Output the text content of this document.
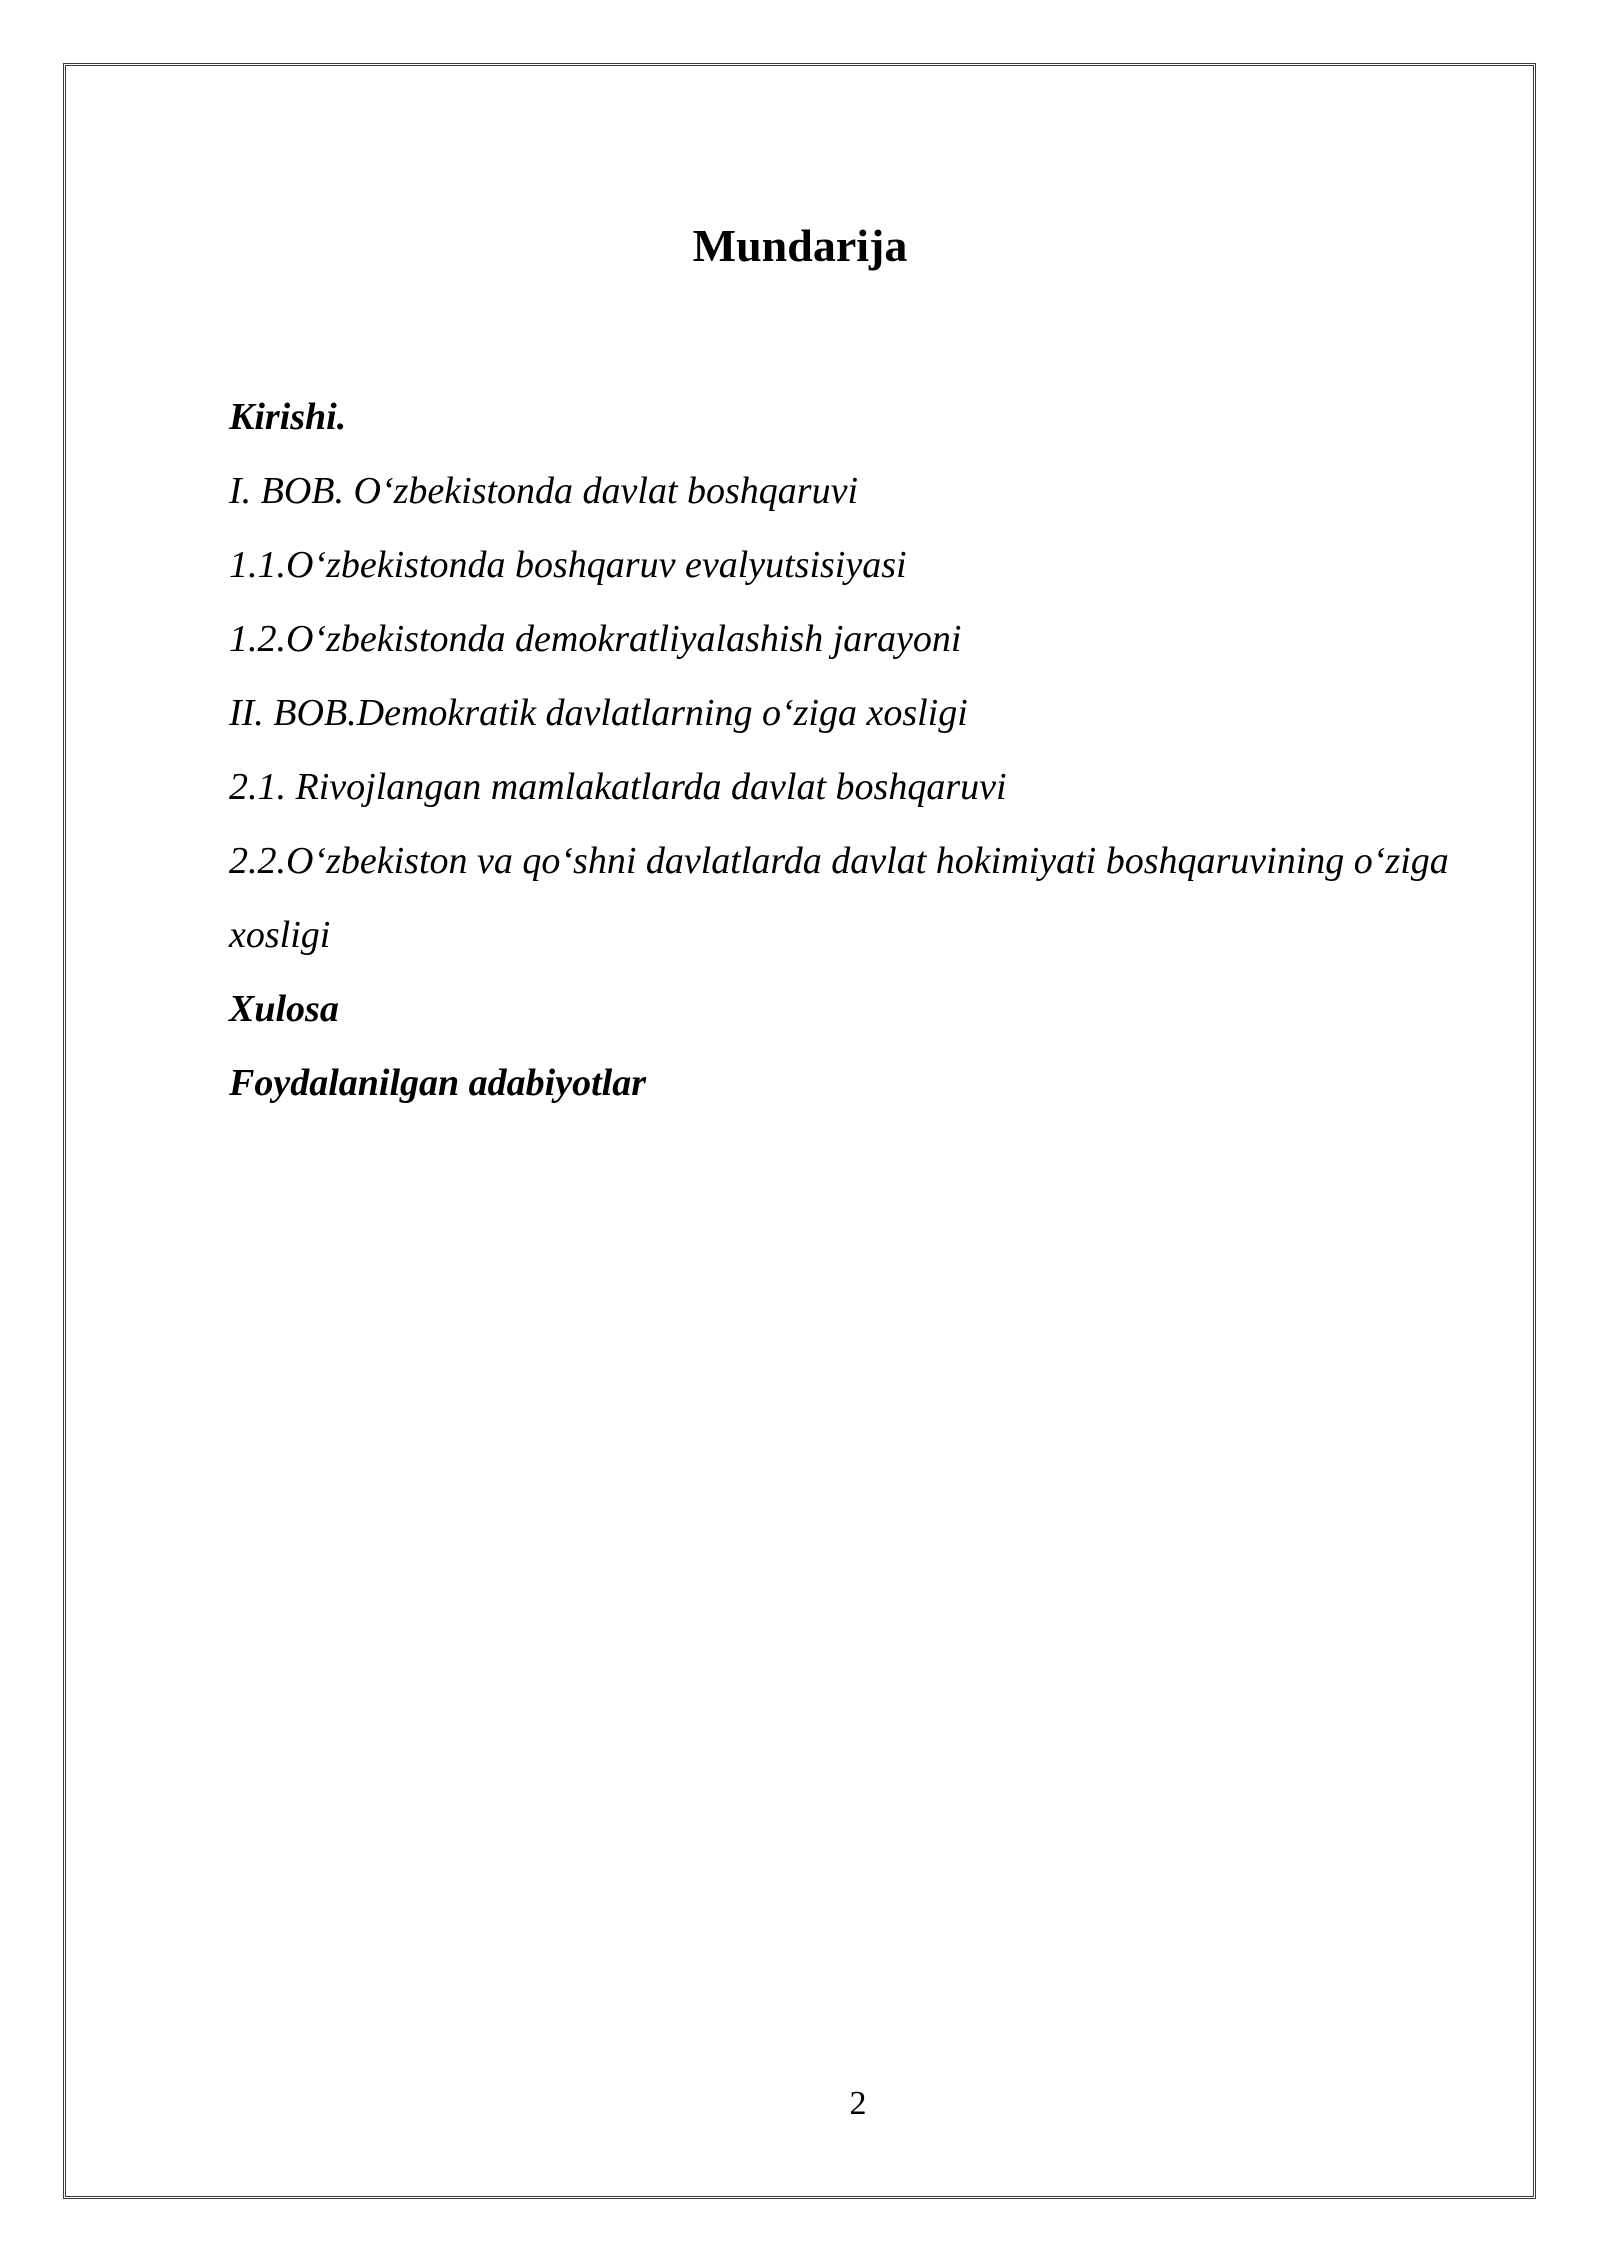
Mundarija
Kirishi.
I. BOB. O‘zbekistonda davlat boshqaruvi
1.1.O‘zbekistonda boshqaruv evalyutsisiyasi
1.2.O‘zbekistonda demokratliyalashish jarayoni
II. BOB.Demokratik davlatlarning o‘ziga xosligi
2.1. Rivojlangan mamlakatlarda davlat boshqaruvi
2.2.O‘zbekiston va qo‘shni davlatlarda davlat hokimiyati boshqaruvining o‘ziga xosligi
Xulosa
Foydalanilgan adabiyotlar
2
